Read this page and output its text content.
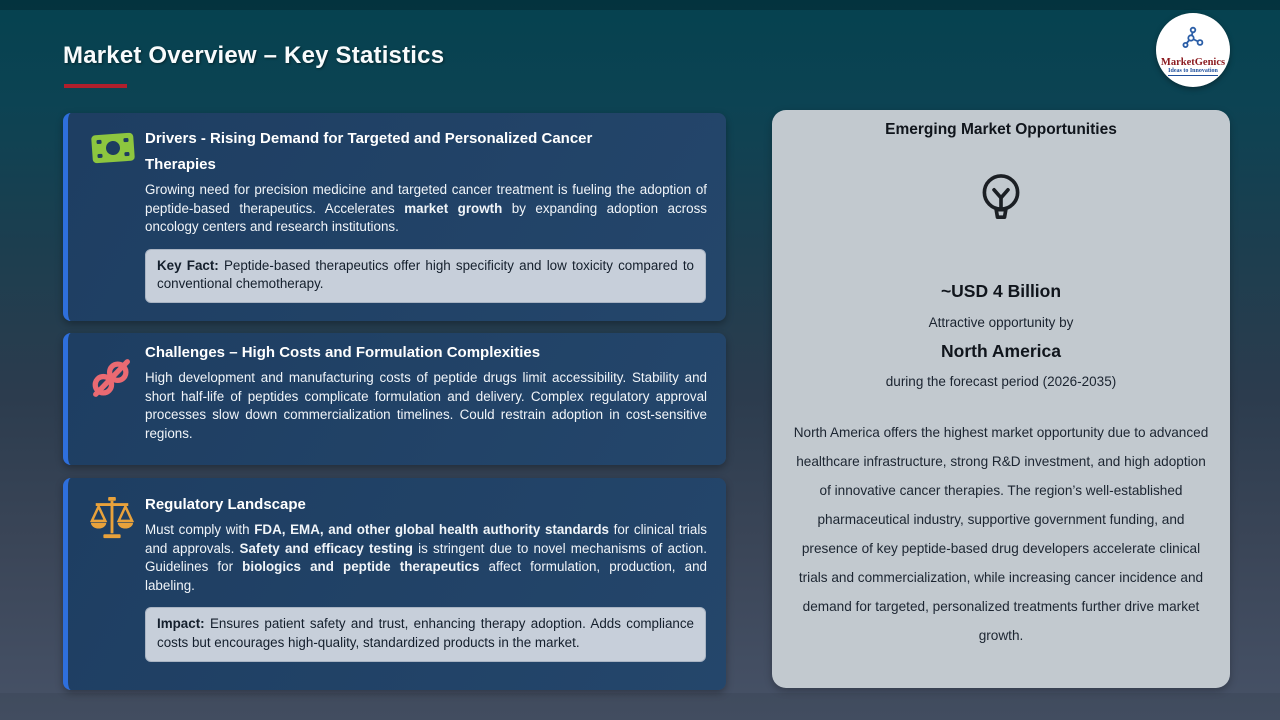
Market Overview – Key Statistics	MarketGenics
Ideas to Innovation
Drivers - Rising Demand for Targeted and Personalized Cancer Therapies
Growing need for precision medicine and targeted cancer treatment is fueling the adoption of peptide-based therapeutics. Accelerates market growth by expanding adoption across oncology centers and research institutions.
Key Fact: Peptide-based therapeutics offer high specificity and low toxicity compared to conventional chemotherapy.
Challenges – High Costs and Formulation Complexities
High development and manufacturing costs of peptide drugs limit accessibility. Stability and short half-life of peptides complicate formulation and delivery. Complex regulatory approval processes slow down commercialization timelines. Could restrain adoption in cost-sensitive regions.
Regulatory Landscape
Must comply with FDA, EMA, and other global health authority standards for clinical trials and approvals. Safety and efficacy testing is stringent due to novel mechanisms of action. Guidelines for biologics and peptide therapeutics affect formulation, production, and labeling.
Impact: Ensures patient safety and trust, enhancing therapy adoption. Adds compliance costs but encourages high-quality, standardized products in the market.
Emerging Market Opportunities
~USD 4 Billion
Attractive opportunity by
North America
during the forecast period (2026-2035)
North America offers the highest market opportunity due to advanced healthcare infrastructure, strong R&D investment, and high adoption of innovative cancer therapies. The region’s well-established pharmaceutical industry, supportive government funding, and presence of key peptide-based drug developers accelerate clinical trials and commercialization, while increasing cancer incidence and demand for targeted, personalized treatments further drive market growth.
